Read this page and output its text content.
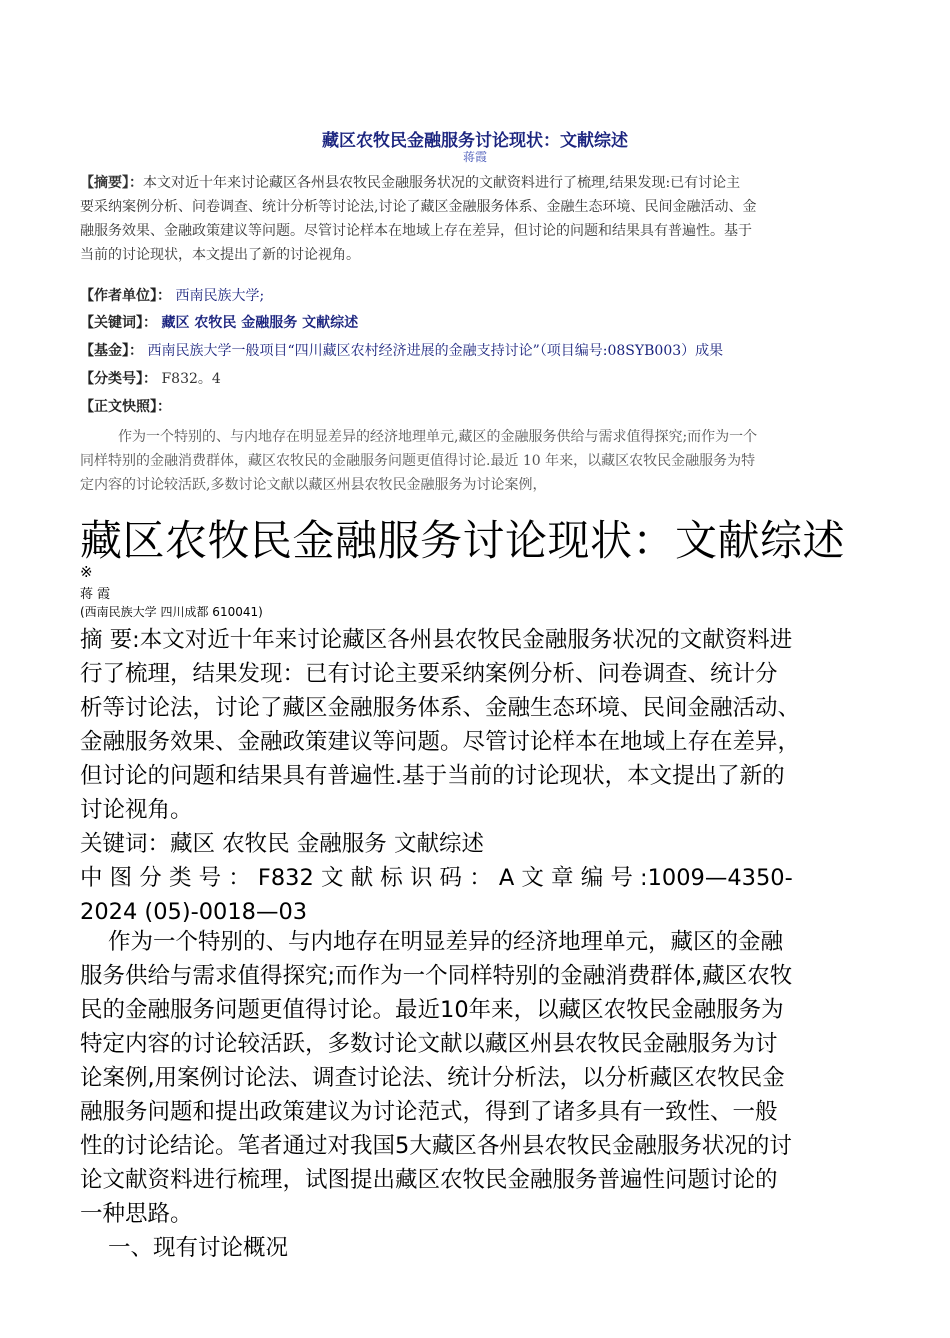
藏区农牧民金融服务讨论现状：文献综述
蒋霞
【摘要】：本文对近十年来讨论藏区各州县农牧民金融服务状况的文献资料进行了梳理,结果发现:已有讨论主
要采纳案例分析、问卷调查、统计分析等讨论法,讨论了藏区金融服务体系、金融生态环境、民间金融活动、金
融服务效果、金融政策建议等问题。尽管讨论样本在地域上存在差异，但讨论的问题和结果具有普遍性。基于
当前的讨论现状，本文提出了新的讨论视角。
【作者单位】： 西南民族大学;
【关键词】： 藏区 农牧民 金融服务 文献综述
【基金】： 西南民族大学一般项目“四川藏区农村经济进展的金融支持讨论”（项目编号:08SYB003）成果
【分类号】： F832。4
【正文快照】：
作为一个特别的、与内地存在明显差异的经济地理单元,藏区的金融服务供给与需求值得探究;而作为一个
同样特别的金融消费群体，藏区农牧民的金融服务问题更值得讨论.最近 10 年来，以藏区农牧民金融服务为特
定内容的讨论较活跃,多数讨论文献以藏区州县农牧民金融服务为讨论案例，
藏区农牧民金融服务讨论现状：文献综述
※
蒋 霞
(西南民族大学 四川成都 610041)
摘 要:本文对近十年来讨论藏区各州县农牧民金融服务状况的文献资料进
行了梳理，结果发现：已有讨论主要采纳案例分析、问卷调查、统计分
析等讨论法，讨论了藏区金融服务体系、金融生态环境、民间金融活动、
金融服务效果、金融政策建议等问题。尽管讨论样本在地域上存在差异，
但讨论的问题和结果具有普遍性.基于当前的讨论现状，本文提出了新的
讨论视角。
关键词：藏区 农牧民 金融服务 文献综述
中 图 分 类 号 ： F832 文 献 标 识 码 ： A 文 章 编 号 :1009—4350-
2024 (05)-0018—03
作为一个特别的、与内地存在明显差异的经济地理单元，藏区的金融
服务供给与需求值得探究;而作为一个同样特别的金融消费群体,藏区农牧
民的金融服务问题更值得讨论。最近10年来，以藏区农牧民金融服务为
特定内容的讨论较活跃，多数讨论文献以藏区州县农牧民金融服务为讨
论案例,用案例讨论法、调查讨论法、统计分析法，以分析藏区农牧民金
融服务问题和提出政策建议为讨论范式，得到了诸多具有一致性、一般
性的讨论结论。笔者通过对我国5大藏区各州县农牧民金融服务状况的讨
论文献资料进行梳理，试图提出藏区农牧民金融服务普遍性问题讨论的
一种思路。
一、现有讨论概况
